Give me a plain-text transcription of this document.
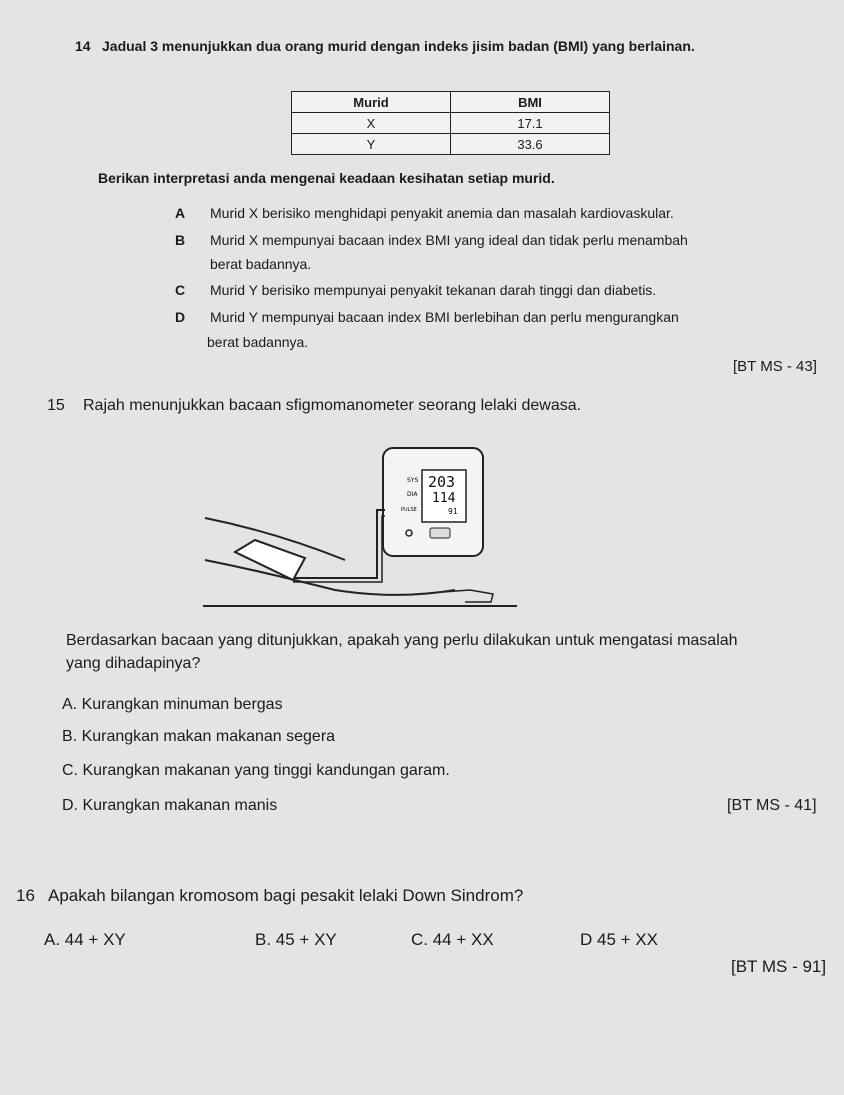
14 Jadual 3 menunjukkan dua orang murid dengan indeks jisim badan (BMI) yang berlainan.
Murid	BMI
X	17.1
Y	33.6
Berikan interpretasi anda mengenai keadaan kesihatan setiap murid.
A Murid X berisiko menghidapi penyakit anemia dan masalah kardiovaskular.
B Murid X mempunyai bacaan index BMI yang ideal dan tidak perlu menambah
berat badannya.
C Murid Y berisiko mempunyai penyakit tekanan darah tinggi dan diabetis.
D Murid Y mempunyai bacaan index BMI berlebihan dan perlu mengurangkan
berat badannya.
[BT MS - 43]
15 Rajah menunjukkan bacaan sfigmomanometer seorang lelaki dewasa.
SYS
DIA
PULSE
203
114
91
Berdasarkan bacaan yang ditunjukkan, apakah yang perlu dilakukan untuk mengatasi masalah
yang dihadapinya?
A. Kurangkan minuman bergas
B. Kurangkan makan makanan segera
C. Kurangkan makanan yang tinggi kandungan garam.
D. Kurangkan makanan manis	[BT MS - 41]
16 Apakah bilangan kromosom bagi pesakit lelaki Down Sindrom?
A. 44 + XY	B. 45 + XY	C. 44 + XX	D 45 + XX
[BT MS - 91]
